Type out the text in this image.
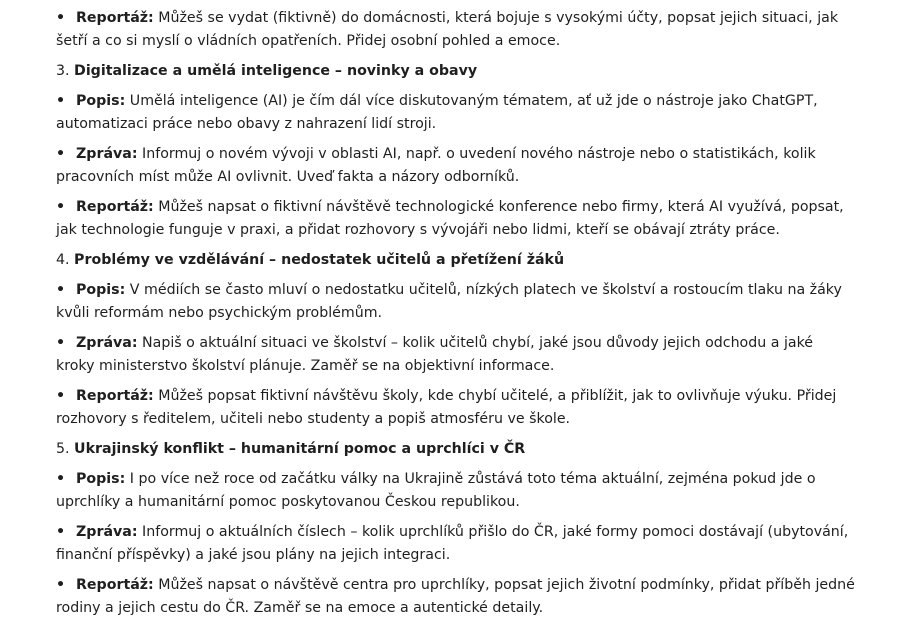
• Reportáž: Můžeš se vydat (fiktivně) do domácnosti, která bojuje s vysokými účty, popsat jejich situaci, jak šetří a co si myslí o vládních opatřeních. Přidej osobní pohled a emoce.
3. Digitalizace a umělá inteligence – novinky a obavy
• Popis: Umělá inteligence (AI) je čím dál více diskutovaným tématem, ať už jde o nástroje jako ChatGPT, automatizaci práce nebo obavy z nahrazení lidí stroji.
• Zpráva: Informuj o novém vývoji v oblasti AI, např. o uvedení nového nástroje nebo o statistikách, kolik pracovních míst může AI ovlivnit. Uveď fakta a názory odborníků.
• Reportáž: Můžeš napsat o fiktivní návštěvě technologické konference nebo firmy, která AI využívá, popsat, jak technologie funguje v praxi, a přidat rozhovory s vývojáři nebo lidmi, kteří se obávají ztráty práce.
4. Problémy ve vzdělávání – nedostatek učitelů a přetížení žáků
• Popis: V médiích se často mluví o nedostatku učitelů, nízkých platech ve školství a rostoucím tlaku na žáky kvůli reformám nebo psychickým problémům.
• Zpráva: Napiš o aktuální situaci ve školství – kolik učitelů chybí, jaké jsou důvody jejich odchodu a jaké kroky ministerstvo školství plánuje. Zaměř se na objektivní informace.
• Reportáž: Můžeš popsat fiktivní návštěvu školy, kde chybí učitelé, a přiblížit, jak to ovlivňuje výuku. Přidej rozhovory s ředitelem, učiteli nebo studenty a popiš atmosféru ve škole.
5. Ukrajinský konflikt – humanitární pomoc a uprchlíci v ČR
• Popis: I po více než roce od začátku války na Ukrajině zůstává toto téma aktuální, zejména pokud jde o uprchlíky a humanitární pomoc poskytovanou Českou republikou.
• Zpráva: Informuj o aktuálních číslech – kolik uprchlíků přišlo do ČR, jaké formy pomoci dostávají (ubytování, finanční příspěvky) a jaké jsou plány na jejich integraci.
• Reportáž: Můžeš napsat o návštěvě centra pro uprchlíky, popsat jejich životní podmínky, přidat příběh jedné rodiny a jejich cestu do ČR. Zaměř se na emoce a autentické detaily.
